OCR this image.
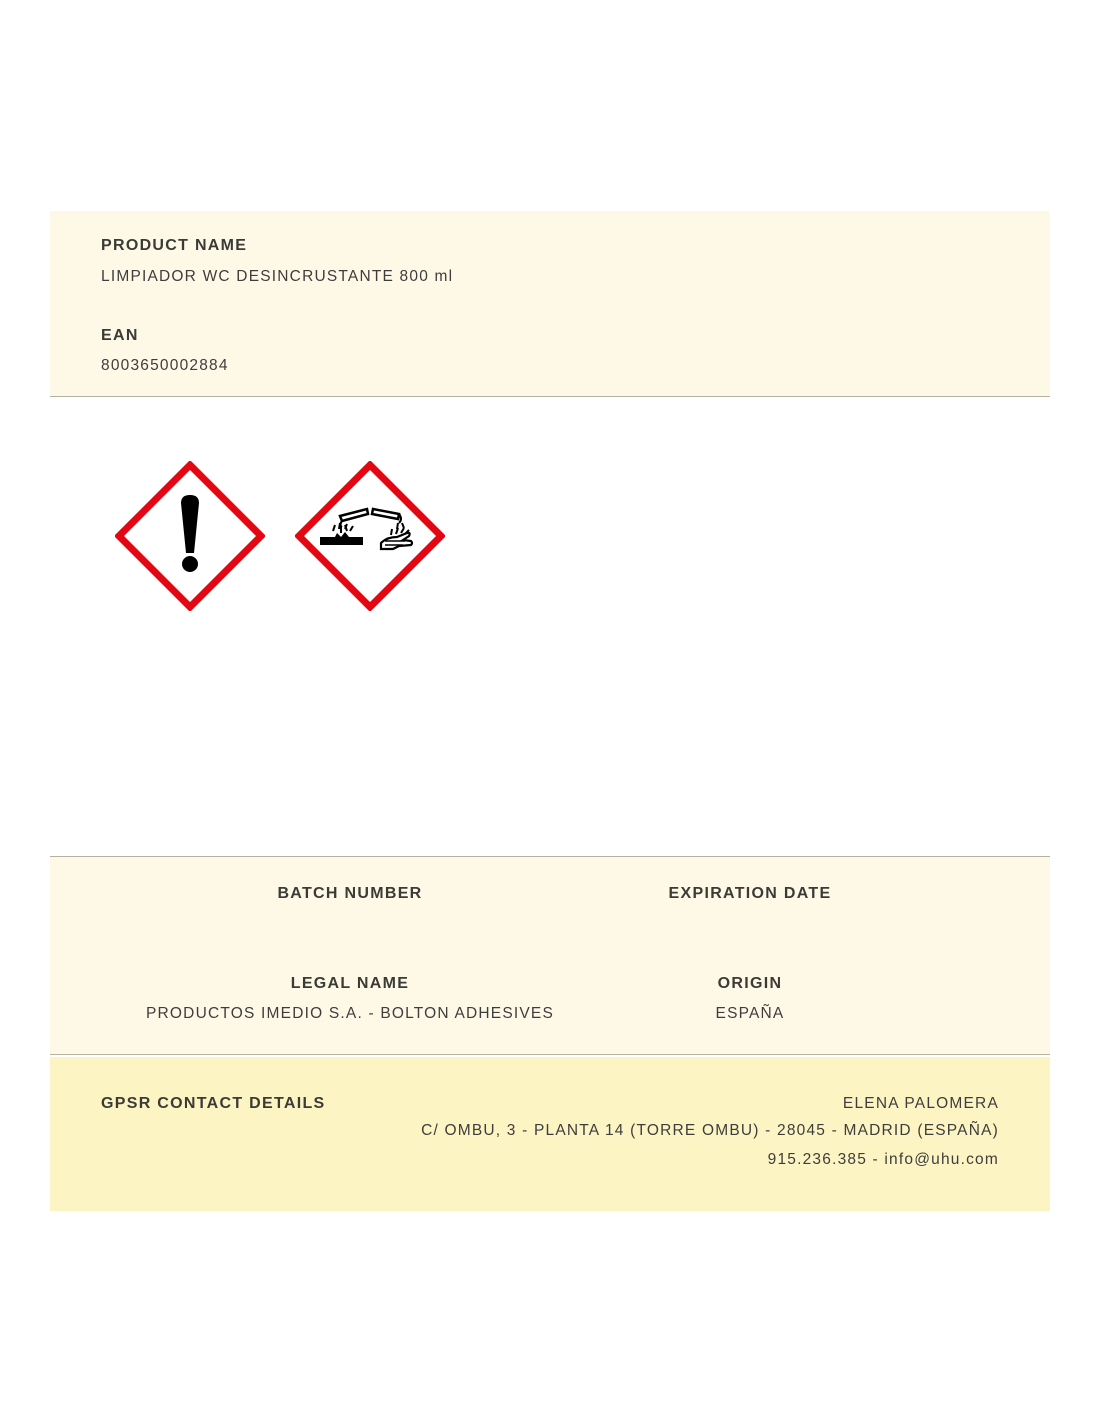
PRODUCT NAME
LIMPIADOR WC DESINCRUSTANTE 800 ml
EAN
8003650002884
BATCH NUMBER	EXPIRATION DATE
LEGAL NAME	ORIGIN
PRODUCTOS IMEDIO S.A. - BOLTON ADHESIVES	ESPAÑA
GPSR CONTACT DETAILS	ELENA PALOMERA
C/ OMBU, 3 - PLANTA 14 (TORRE OMBU) - 28045 - MADRID (ESPAÑA)
915.236.385 - info@uhu.com
